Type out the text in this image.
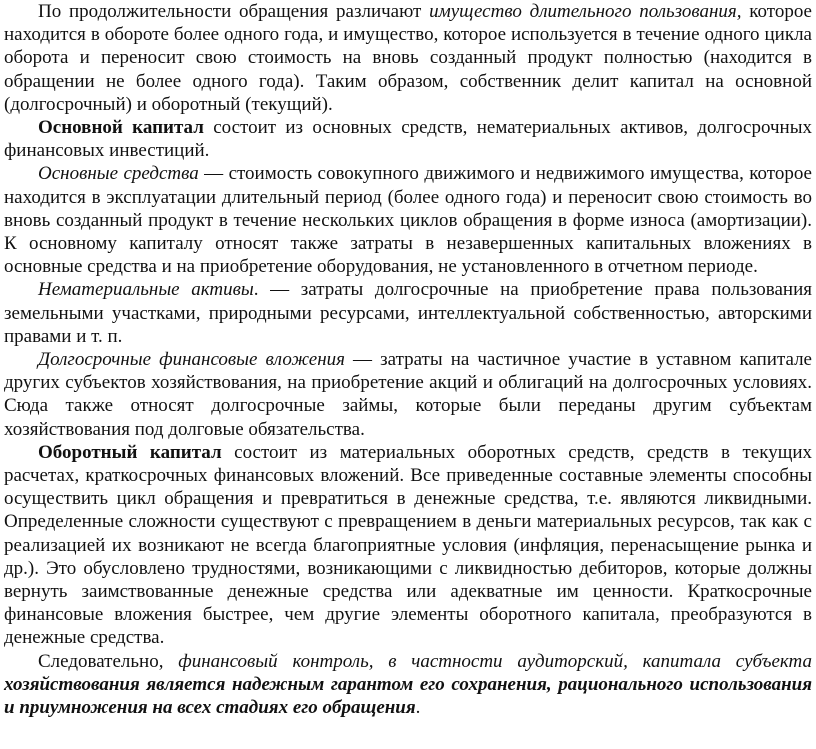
По продолжительности обращения различают имущество длительного пользования, которое находится в обороте более одного года, и имущество, которое используется в течение одного цикла оборота и переносит свою стоимость на вновь созданный продукт полностью (находится в обращении не более одного года). Таким образом, собственник делит капитал на основной (долгосрочный) и оборотный (текущий).

Основной капитал состоит из основных средств, нематериальных активов, долгосрочных финансовых инвестиций.

Основные средства — стоимость совокупного движимого и недвижимого имущества, которое находится в эксплуатации длительный период (более одного года) и переносит свою стоимость во вновь созданный продукт в течение нескольких циклов обращения в форме износа (амортизации). К основному капиталу относят также затраты в незавершенных капитальных вложениях в основные средства и на приобретение оборудования, не установленного в отчетном периоде.

Нематериальные активы. — затраты долгосрочные на приобретение права пользования земельными участками, природными ресурсами, интеллектуальной собственностью, авторскими правами и т. п.

Долгосрочные финансовые вложения — затраты на частичное участие в уставном капитале других субъектов хозяйствования, на приобретение акций и облигаций на долгосрочных условиях. Сюда также относят долгосрочные займы, которые были переданы другим субъектам хозяйствования под долговые обязательства.

Оборотный капитал состоит из материальных оборотных средств, средств в текущих расчетах, краткосрочных финансовых вложений. Все приведенные составные элементы способны осуществить цикл обращения и превратиться в денежные средства, т.е. являются ликвидными. Определенные сложности существуют с превращением в деньги материальных ресурсов, так как с реализацией их возникают не всегда благоприятные условия (инфляция, перенасыщение рынка и др.). Это обусловлено трудностями, возникающими с ликвидностью дебиторов, которые должны вернуть заимствованные денежные средства или адекватные им ценности. Краткосрочные финансовые вложения быстрее, чем другие элементы оборотного капитала, преобразуются в денежные средства.

Следовательно, финансовый контроль, в частности аудиторский, капитала субъекта хозяйствования является надежным гарантом его сохранения, рационального использования и приумножения на всех стадиях его обращения.
